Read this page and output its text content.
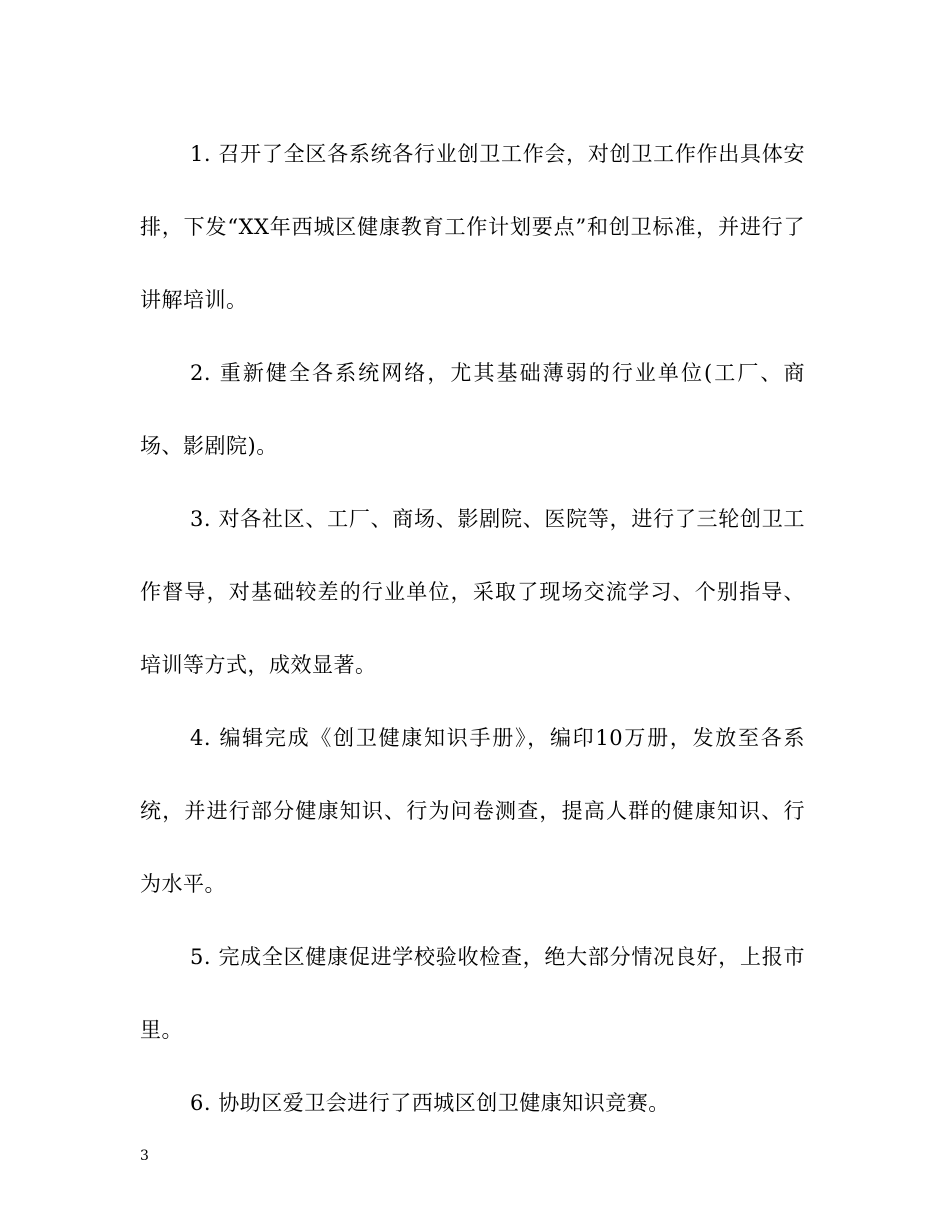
1. 召开了全区各系统各行业创卫工作会，对创卫工作作出具体安排，下发“XX年西城区健康教育工作计划要点”和创卫标准，并进行了讲解培训。

2. 重新健全各系统网络，尤其基础薄弱的行业单位(工厂、商场、影剧院)。

3. 对各社区、工厂、商场、影剧院、医院等，进行了三轮创卫工作督导，对基础较差的行业单位，采取了现场交流学习、个别指导、培训等方式，成效显著。

4. 编辑完成《创卫健康知识手册》，编印10万册，发放至各系统，并进行部分健康知识、行为问卷测查，提高人群的健康知识、行为水平。

5. 完成全区健康促进学校验收检查，绝大部分情况良好，上报市里。

6. 协助区爱卫会进行了西城区创卫健康知识竞赛。

3
